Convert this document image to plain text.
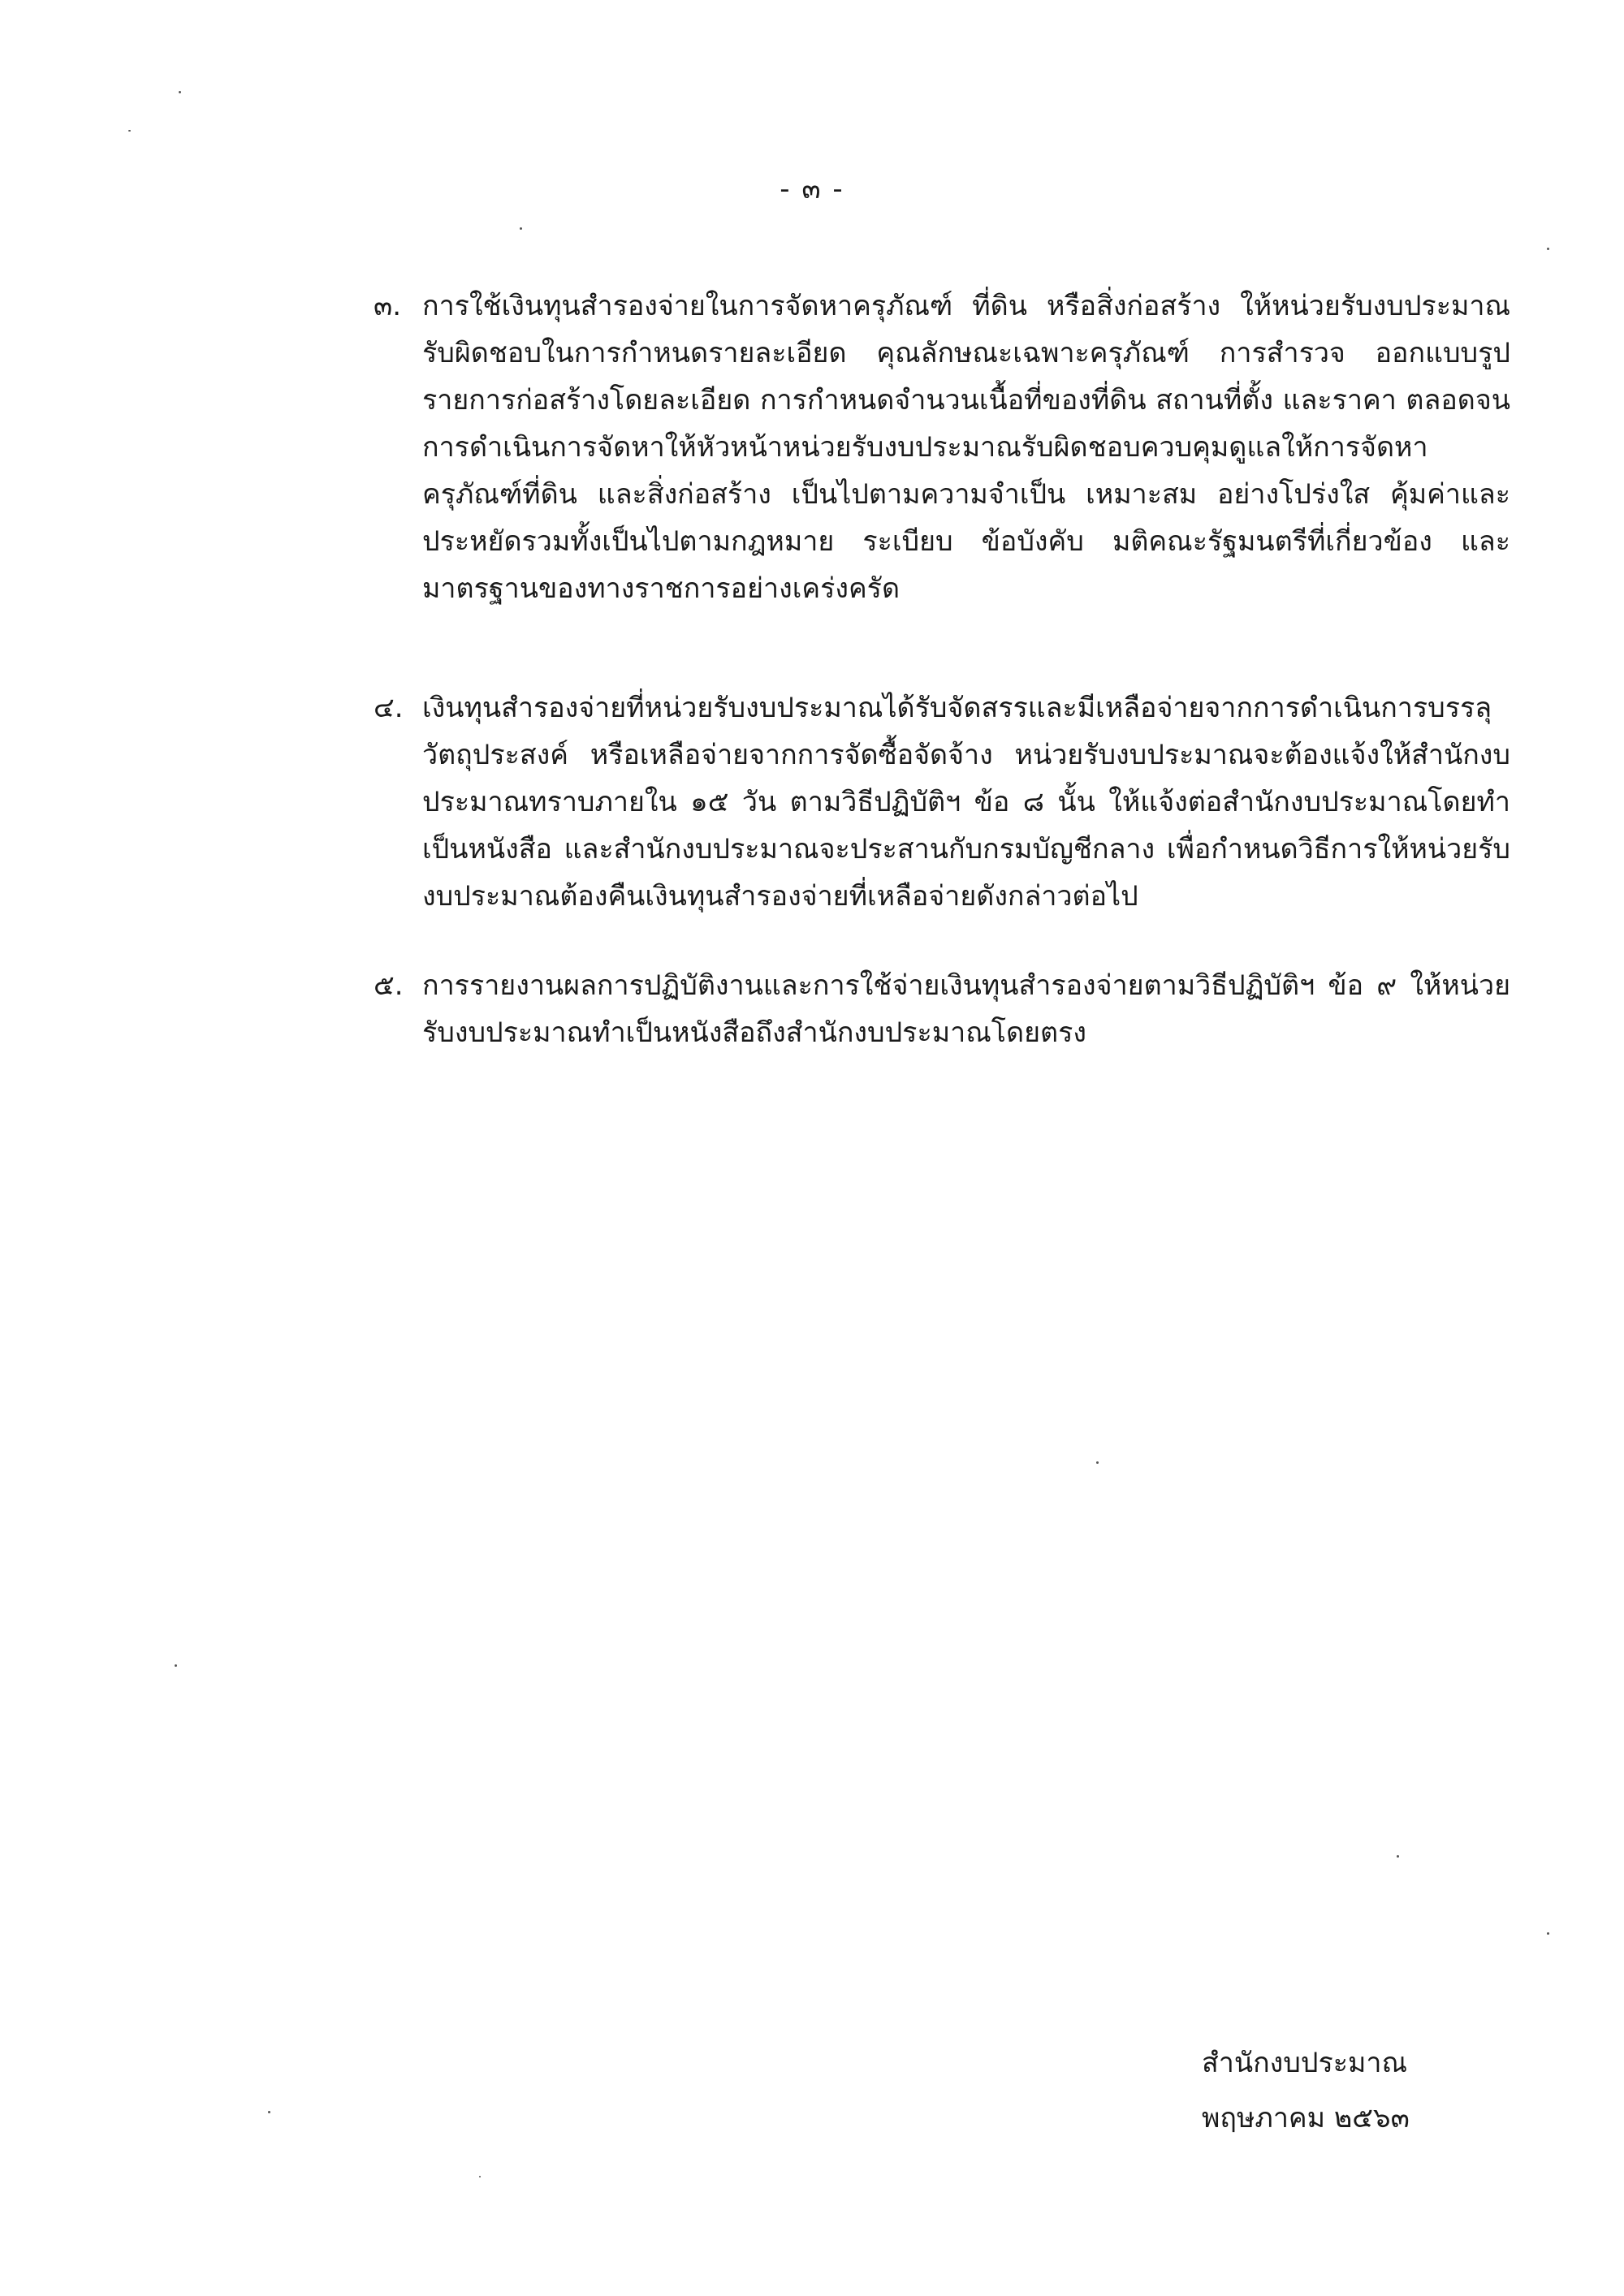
- ๓ -
๓. การใช้เงินทุนสำรองจ่ายในการจัดหาครุภัณฑ์ ที่ดิน หรือสิ่งก่อสร้าง ให้หน่วยรับงบประมาณรับผิดชอบในการกำหนดรายละเอียด คุณลักษณะเฉพาะครุภัณฑ์ การสำรวจ ออกแบบรูปรายการก่อสร้างโดยละเอียด การกำหนดจำนวนเนื้อที่ของที่ดิน สถานที่ตั้ง และราคา ตลอดจนการดำเนินการจัดหาให้หัวหน้าหน่วยรับงบประมาณรับผิดชอบควบคุมดูแลให้การจัดหาครุภัณฑ์ที่ดิน และสิ่งก่อสร้าง เป็นไปตามความจำเป็น เหมาะสม อย่างโปร่งใส คุ้มค่าและประหยัดรวมทั้งเป็นไปตามกฎหมาย ระเบียบ ข้อบังคับ มติคณะรัฐมนตรีที่เกี่ยวข้อง และมาตรฐานของทางราชการอย่างเคร่งครัด
๔. เงินทุนสำรองจ่ายที่หน่วยรับงบประมาณได้รับจัดสรรและมีเหลือจ่ายจากการดำเนินการบรรลุวัตถุประสงค์ หรือเหลือจ่ายจากการจัดซื้อจัดจ้าง หน่วยรับงบประมาณจะต้องแจ้งให้สำนักงบประมาณทราบภายใน ๑๕ วัน ตามวิธีปฏิบัติฯ ข้อ ๘ นั้น ให้แจ้งต่อสำนักงบประมาณโดยทำเป็นหนังสือ และสำนักงบประมาณจะประสานกับกรมบัญชีกลาง เพื่อกำหนดวิธีการให้หน่วยรับงบประมาณต้องคืนเงินทุนสำรองจ่ายที่เหลือจ่ายดังกล่าวต่อไป
๕. การรายงานผลการปฏิบัติงานและการใช้จ่ายเงินทุนสำรองจ่ายตามวิธีปฏิบัติฯ ข้อ ๙ ให้หน่วยรับงบประมาณทำเป็นหนังสือถึงสำนักงบประมาณโดยตรง
สำนักงบประมาณ
พฤษภาคม ๒๕๖๓
